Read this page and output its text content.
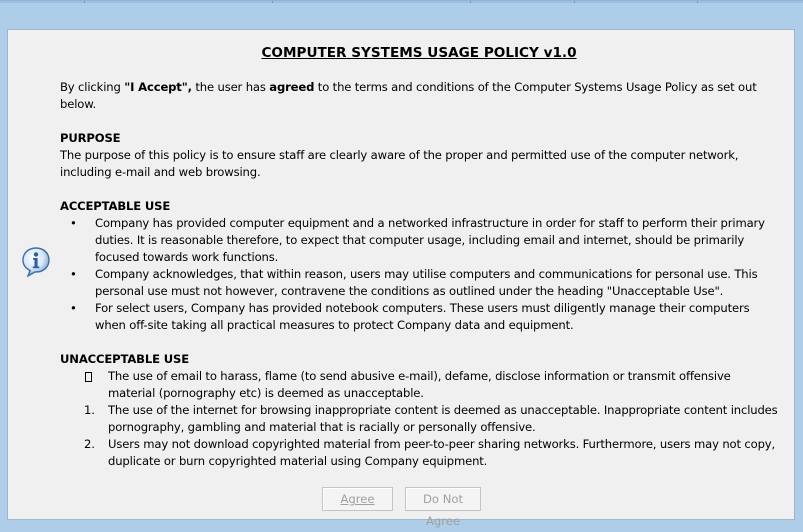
COMPUTER SYSTEMS USAGE POLICY v1.0
By clicking "I Accept", the user has agreed to the terms and conditions of the Computer Systems Usage Policy as set out below.
PURPOSE
The purpose of this policy is to ensure staff are clearly aware of the proper and permitted use of the computer network, including e-mail and web browsing.
ACCEPTABLE USE
• Company has provided computer equipment and a networked infrastructure in order for staff to perform their primary duties. It is reasonable therefore, to expect that computer usage, including email and internet, should be primarily focused towards work functions.
• Company acknowledges, that within reason, users may utilise computers and communications for personal use. This personal use must not however, contravene the conditions as outlined under the heading "Unacceptable Use".
• For select users, Company has provided notebook computers. These users must diligently manage their computers when off-site taking all practical measures to protect Company data and equipment.
UNACCEPTABLE USE
The use of email to harass, flame (to send abusive e-mail), defame, disclose information or transmit offensive material (pornography etc) is deemed as unacceptable.
1. The use of the internet for browsing inappropriate content is deemed as unacceptable. Inappropriate content includes pornography, gambling and material that is racially or personally offensive.
2. Users may not download copyrighted material from peer-to-peer sharing networks. Furthermore, users may not copy, duplicate or burn copyrighted material using Company equipment.
Agree	Do Not Agree
